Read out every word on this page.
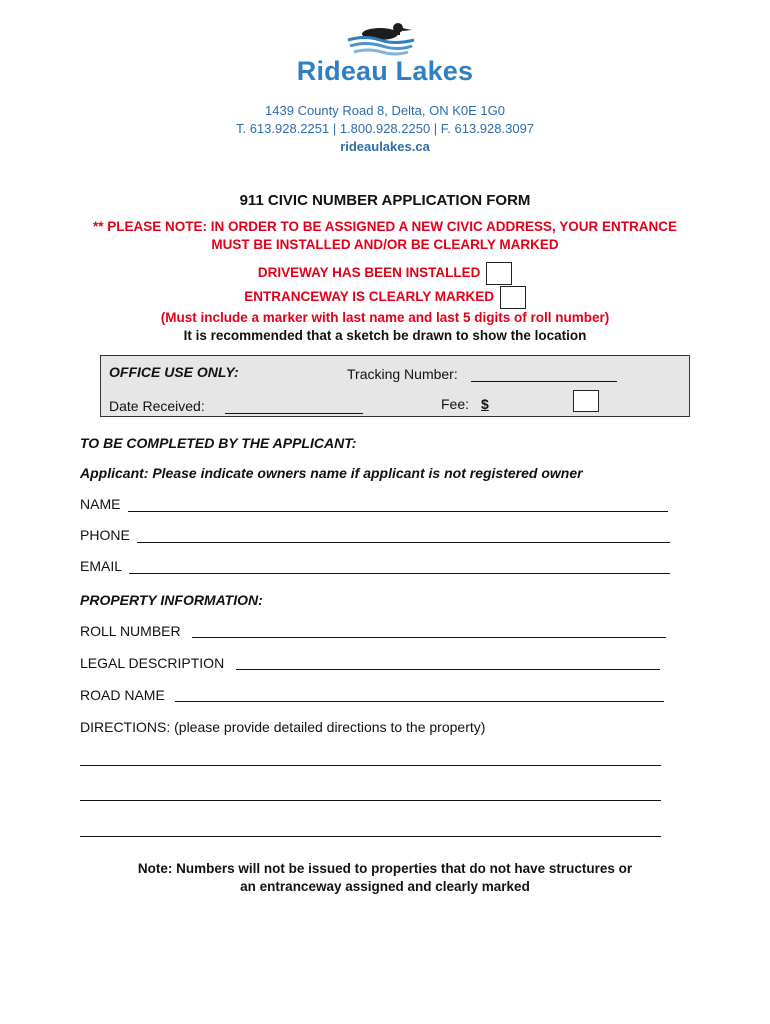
Rideau Lakes
1439 County Road 8, Delta, ON K0E 1G0
T. 613.928.2251 | 1.800.928.2250 | F. 613.928.3097
rideaulakes.ca
911 CIVIC NUMBER APPLICATION FORM
** PLEASE NOTE: IN ORDER TO BE ASSIGNED A NEW CIVIC ADDRESS, YOUR ENTRANCE
MUST BE INSTALLED AND/OR BE CLEARLY MARKED
DRIVEWAY HAS BEEN INSTALLED
ENTRANCEWAY IS CLEARLY MARKED
(Must include a marker with last name and last 5 digits of roll number)
It is recommended that a sketch be drawn to show the location
OFFICE USE ONLY:	Tracking Number:
Date Received:	Fee: $
TO BE COMPLETED BY THE APPLICANT:
Applicant: Please indicate owners name if applicant is not registered owner
NAME
PHONE
EMAIL
PROPERTY INFORMATION:
ROLL NUMBER
LEGAL DESCRIPTION
ROAD NAME
DIRECTIONS: (please provide detailed directions to the property)
Note: Numbers will not be issued to properties that do not have structures or
an entranceway assigned and clearly marked
